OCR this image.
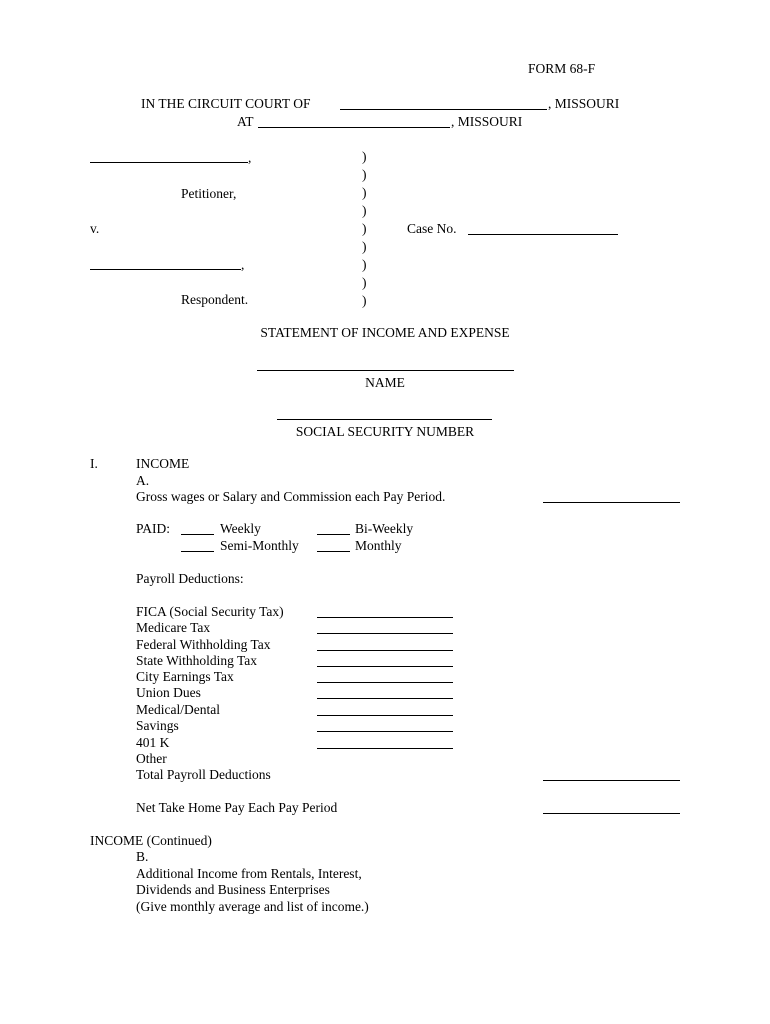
FORM 68-F
IN THE CIRCUIT COURT OF	, MISSOURI
AT	, MISSOURI
,
Petitioner,
v.
,
Respondent.
)
)
)
)
)
)
)
)
)
Case No.
STATEMENT OF INCOME AND EXPENSE
NAME
SOCIAL SECURITY NUMBER
I.	INCOME
A.
Gross wages or Salary and Commission each Pay Period.
PAID:	Weekly	Bi-Weekly
Semi-Monthly	Monthly
Payroll Deductions:
FICA (Social Security Tax)
Medicare Tax
Federal Withholding Tax
State Withholding Tax
City Earnings Tax
Union Dues
Medical/Dental
Savings
401 K
Other
Total Payroll Deductions
Net Take Home Pay Each Pay Period
INCOME (Continued)
B.
Additional Income from Rentals, Interest,
Dividends and Business Enterprises
(Give monthly average and list of income.)
